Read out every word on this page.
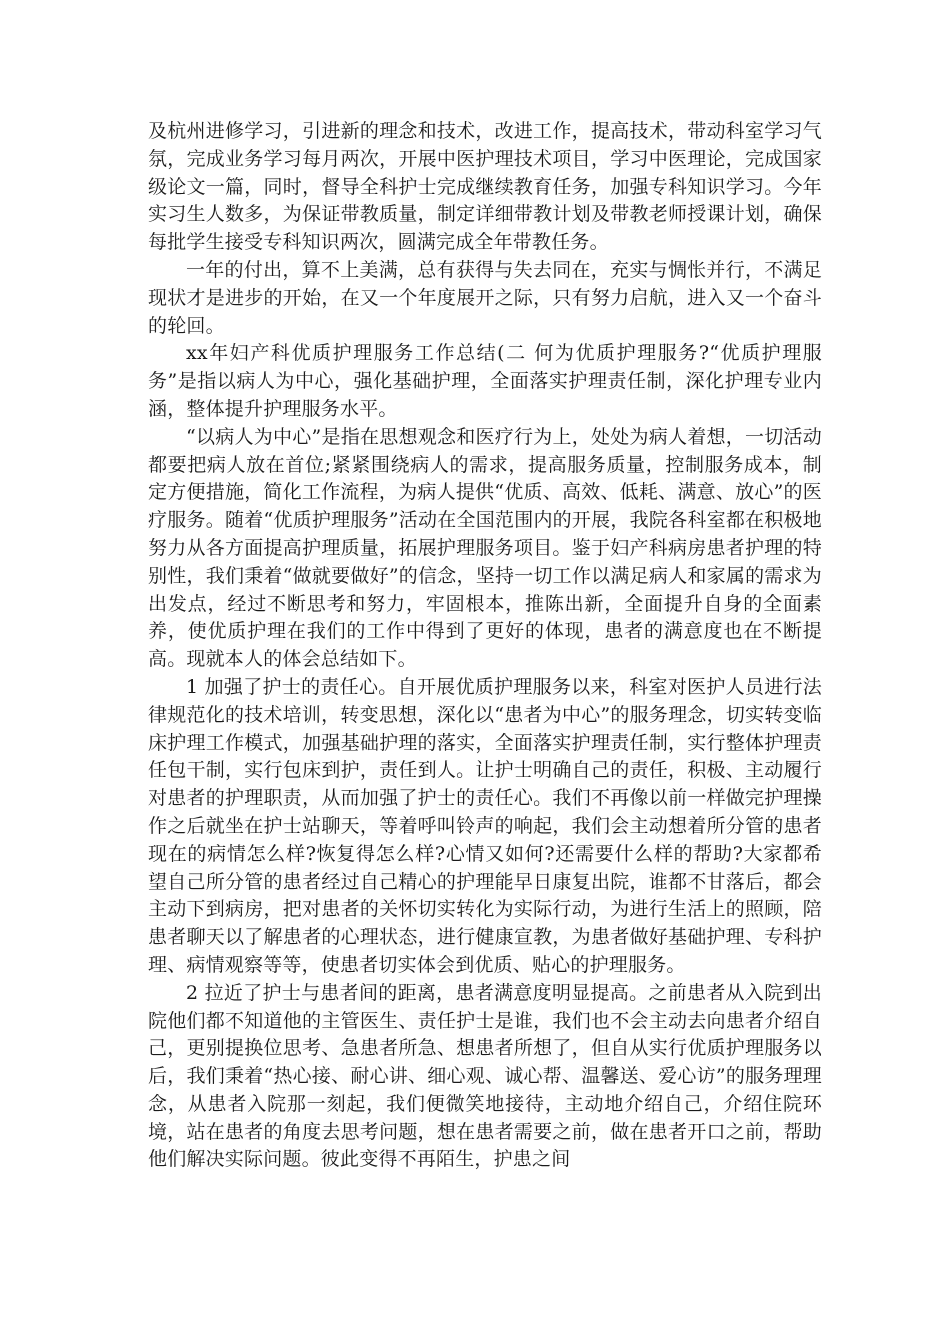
及杭州进修学习，引进新的理念和技术，改进工作，提高技术，带动科室学习气氛，完成业务学习每月两次，开展中医护理技术项目，学习中医理论，完成国家级论文一篇，同时，督导全科护士完成继续教育任务，加强专科知识学习。今年实习生人数多，为保证带教质量，制定详细带教计划及带教老师授课计划，确保每批学生接受专科知识两次，圆满完成全年带教任务。

一年的付出，算不上美满，总有获得与失去同在，充实与惆怅并行，不满足现状才是进步的开始，在又一个年度展开之际，只有努力启航，进入又一个奋斗的轮回。

xx年妇产科优质护理服务工作总结(二 何为优质护理服务?“优质护理服务”是指以病人为中心，强化基础护理，全面落实护理责任制，深化护理专业内涵，整体提升护理服务水平。

“以病人为中心”是指在思想观念和医疗行为上，处处为病人着想，一切活动都要把病人放在首位;紧紧围绕病人的需求，提高服务质量，控制服务成本，制定方便措施，简化工作流程，为病人提供“优质、高效、低耗、满意、放心”的医疗服务。随着“优质护理服务”活动在全国范围内的开展，我院各科室都在积极地努力从各方面提高护理质量，拓展护理服务项目。鉴于妇产科病房患者护理的特别性，我们秉着“做就要做好”的信念，坚持一切工作以满足病人和家属的需求为出发点，经过不断思考和努力，牢固根本，推陈出新，全面提升自身的全面素养，使优质护理在我们的工作中得到了更好的体现，患者的满意度也在不断提高。现就本人的体会总结如下。

1 加强了护士的责任心。自开展优质护理服务以来，科室对医护人员进行法律规范化的技术培训，转变思想，深化以“患者为中心”的服务理念，切实转变临床护理工作模式，加强基础护理的落实，全面落实护理责任制，实行整体护理责任包干制，实行包床到护，责任到人。让护士明确自己的责任，积极、主动履行对患者的护理职责，从而加强了护士的责任心。我们不再像以前一样做完护理操作之后就坐在护士站聊天，等着呼叫铃声的响起，我们会主动想着所分管的患者现在的病情怎么样?恢复得怎么样?心情又如何?还需要什么样的帮助?大家都希望自己所分管的患者经过自己精心的护理能早日康复出院，谁都不甘落后，都会主动下到病房，把对患者的关怀切实转化为实际行动，为进行生活上的照顾，陪患者聊天以了解患者的心理状态，进行健康宣教，为患者做好基础护理、专科护理、病情观察等等，使患者切实体会到优质、贴心的护理服务。

2 拉近了护士与患者间的距离，患者满意度明显提高。之前患者从入院到出院他们都不知道他的主管医生、责任护士是谁，我们也不会主动去向患者介绍自己，更别提换位思考、急患者所急、想患者所想了，但自从实行优质护理服务以后，我们秉着“热心接、耐心讲、细心观、诚心帮、温馨送、爱心访”的服务理理念，从患者入院那一刻起，我们便微笑地接待，主动地介绍自己，介绍住院环境，站在患者的角度去思考问题，想在患者需要之前，做在患者开口之前，帮助他们解决实际问题。彼此变得不再陌生，护患之间
